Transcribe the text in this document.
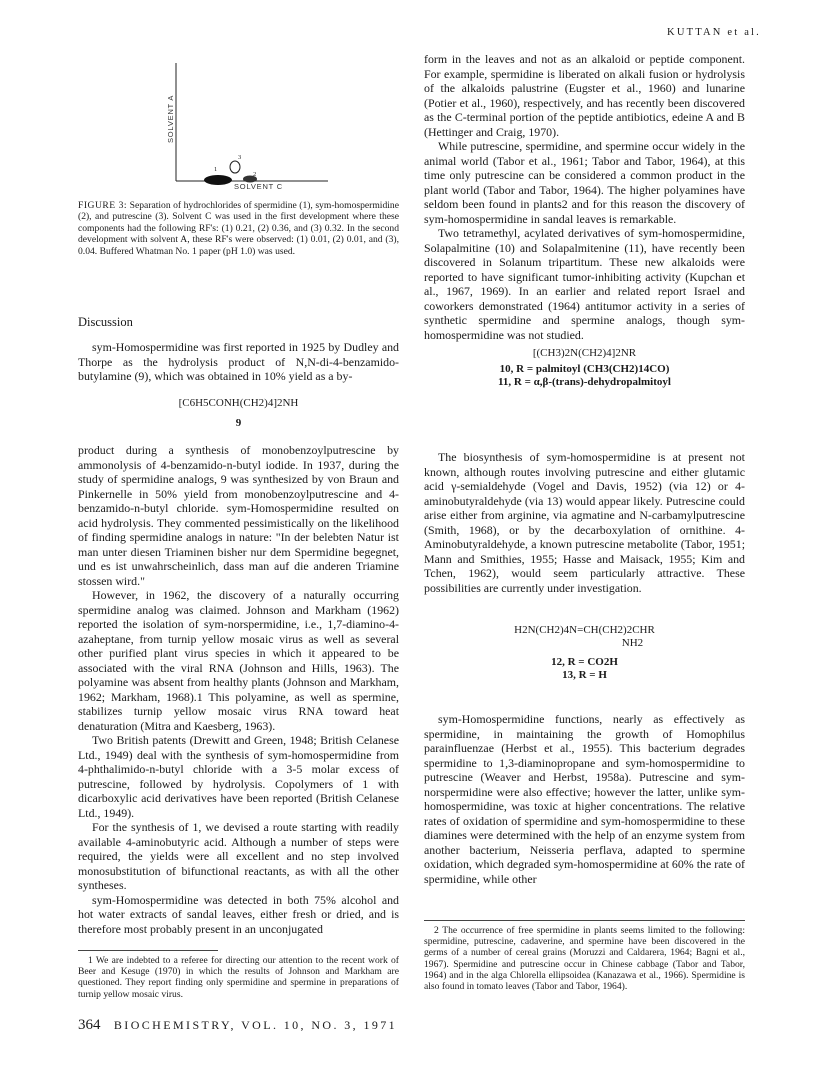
KUTTAN et al.
SOLVENT A
SOLVENT C
1
2
3
FIGURE 3: Separation of hydrochlorides of spermidine (1), sym-homospermidine (2), and putrescine (3). Solvent C was used in the first development where these components had the following RF's: (1) 0.21, (2) 0.36, and (3) 0.32. In the second development with solvent A, these RF's were observed: (1) 0.01, (2) 0.01, and (3), 0.04. Buffered Whatman No. 1 paper (pH 1.0) was used.
Discussion

sym-Homospermidine was first reported in 1925 by Dudley and Thorpe as the hydrolysis product of N,N-di-4-benzamido-butylamine (9), which was obtained in 10% yield as a by-

[C6H5CONH(CH2)4]2NH
9

product during a synthesis of monobenzoylputrescine by ammonolysis of 4-benzamido-n-butyl iodide. In 1937, during the study of spermidine analogs, 9 was synthesized by von Braun and Pinkernelle in 50% yield from monobenzoylputrescine and 4-benzamido-n-butyl chloride. sym-Homospermidine resulted on acid hydrolysis. They commented pessimistically on the likelihood of finding spermidine analogs in nature: "In der belebten Natur ist man unter diesen Triaminen bisher nur dem Spermidine begegnet, und es ist unwahrscheinlich, dass man auf die anderen Triamine stossen wird."

However, in 1962, the discovery of a naturally occurring spermidine analog was claimed. Johnson and Markham (1962) reported the isolation of sym-norspermidine, i.e., 1,7-diamino-4-azaheptane, from turnip yellow mosaic virus as well as several other purified plant virus species in which it appeared to be associated with the viral RNA (Johnson and Hills, 1963). The polyamine was absent from healthy plants (Johnson and Markham, 1962; Markham, 1968).1 This polyamine, as well as spermine, stabilizes turnip yellow mosaic virus RNA toward heat denaturation (Mitra and Kaesberg, 1963).

Two British patents (Drewitt and Green, 1948; British Celanese Ltd., 1949) deal with the synthesis of sym-homospermidine from 4-phthalimido-n-butyl chloride with a 3-5 molar excess of putrescine, followed by hydrolysis. Copolymers of 1 with dicarboxylic acid derivatives have been reported (British Celanese Ltd., 1949).

For the synthesis of 1, we devised a route starting with readily available 4-aminobutyric acid. Although a number of steps were required, the yields were all excellent and no step involved monosubstitution of bifunctional reactants, as with all the other syntheses.

sym-Homospermidine was detected in both 75% alcohol and hot water extracts of sandal leaves, either fresh or dried, and is therefore most probably present in an unconjugated

1 We are indebted to a referee for directing our attention to the recent work of Beer and Kesuge (1970) in which the results of Johnson and Markham are questioned. They report finding only spermidine and spermine in preparations of turnip yellow mosaic virus.

form in the leaves and not as an alkaloid or peptide component. For example, spermidine is liberated on alkali fusion or hydrolysis of the alkaloids palustrine (Eugster et al., 1960) and lunarine (Potier et al., 1960), respectively, and has recently been discovered as the C-terminal portion of the peptide antibiotics, edeine A and B (Hettinger and Craig, 1970).

While putrescine, spermidine, and spermine occur widely in the animal world (Tabor et al., 1961; Tabor and Tabor, 1964), at this time only putrescine can be considered a common product in the plant world (Tabor and Tabor, 1964). The higher polyamines have seldom been found in plants2 and for this reason the discovery of sym-homospermidine in sandal leaves is remarkable.

Two tetramethyl, acylated derivatives of sym-homospermidine, Solapalmitine (10) and Solapalmitenine (11), have recently been discovered in Solanum tripartitum. These new alkaloids were reported to have significant tumor-inhibiting activity (Kupchan et al., 1967, 1969). In an earlier and related report Israel and coworkers demonstrated (1964) antitumor activity in a series of synthetic spermidine and spermine analogs, though sym-homospermidine was not studied.

[(CH3)2N(CH2)4]2NR
10, R = palmitoyl (CH3(CH2)14CO)
11, R = α,β-(trans)-dehydropalmitoyl

The biosynthesis of sym-homospermidine is at present not known, although routes involving putrescine and either glutamic acid γ-semialdehyde (Vogel and Davis, 1952) (via 12) or 4-aminobutyraldehyde (via 13) would appear likely. Putrescine could arise either from arginine, via agmatine and N-carbamylputrescine (Smith, 1968), or by the decarboxylation of ornithine. 4-Aminobutyraldehyde, a known putrescine metabolite (Tabor, 1951; Mann and Smithies, 1955; Hasse and Maisack, 1955; Kim and Tchen, 1962), would seem particularly attractive. These possibilities are currently under investigation.

H2N(CH2)4N=CH(CH2)2CHR
NH2
12, R = CO2H
13, R = H

sym-Homospermidine functions, nearly as effectively as spermidine, in maintaining the growth of Homophilus parainfluenzae (Herbst et al., 1955). This bacterium degrades spermidine to 1,3-diaminopropane and sym-homospermidine to putrescine (Weaver and Herbst, 1958a). Putrescine and sym-norspermidine were also effective; however the latter, unlike sym-homospermidine, was toxic at higher concentrations. The relative rates of oxidation of spermidine and sym-homospermidine to these diamines were determined with the help of an enzyme system from another bacterium, Neisseria perflava, adapted to spermine oxidation, which degraded sym-homospermidine at 60% the rate of spermidine, while other

2 The occurrence of free spermidine in plants seems limited to the following: spermidine, putrescine, cadaverine, and spermine have been discovered in the germs of a number of cereal grains (Moruzzi and Caldarera, 1964; Bagni et al., 1967). Spermidine and putrescine occur in Chinese cabbage (Tabor and Tabor, 1964) and in the alga Chlorella ellipsoidea (Kanazawa et al., 1966). Spermidine is also found in tomato leaves (Tabor and Tabor, 1964).

364 BIOCHEMISTRY, VOL. 10, NO. 3, 1971
